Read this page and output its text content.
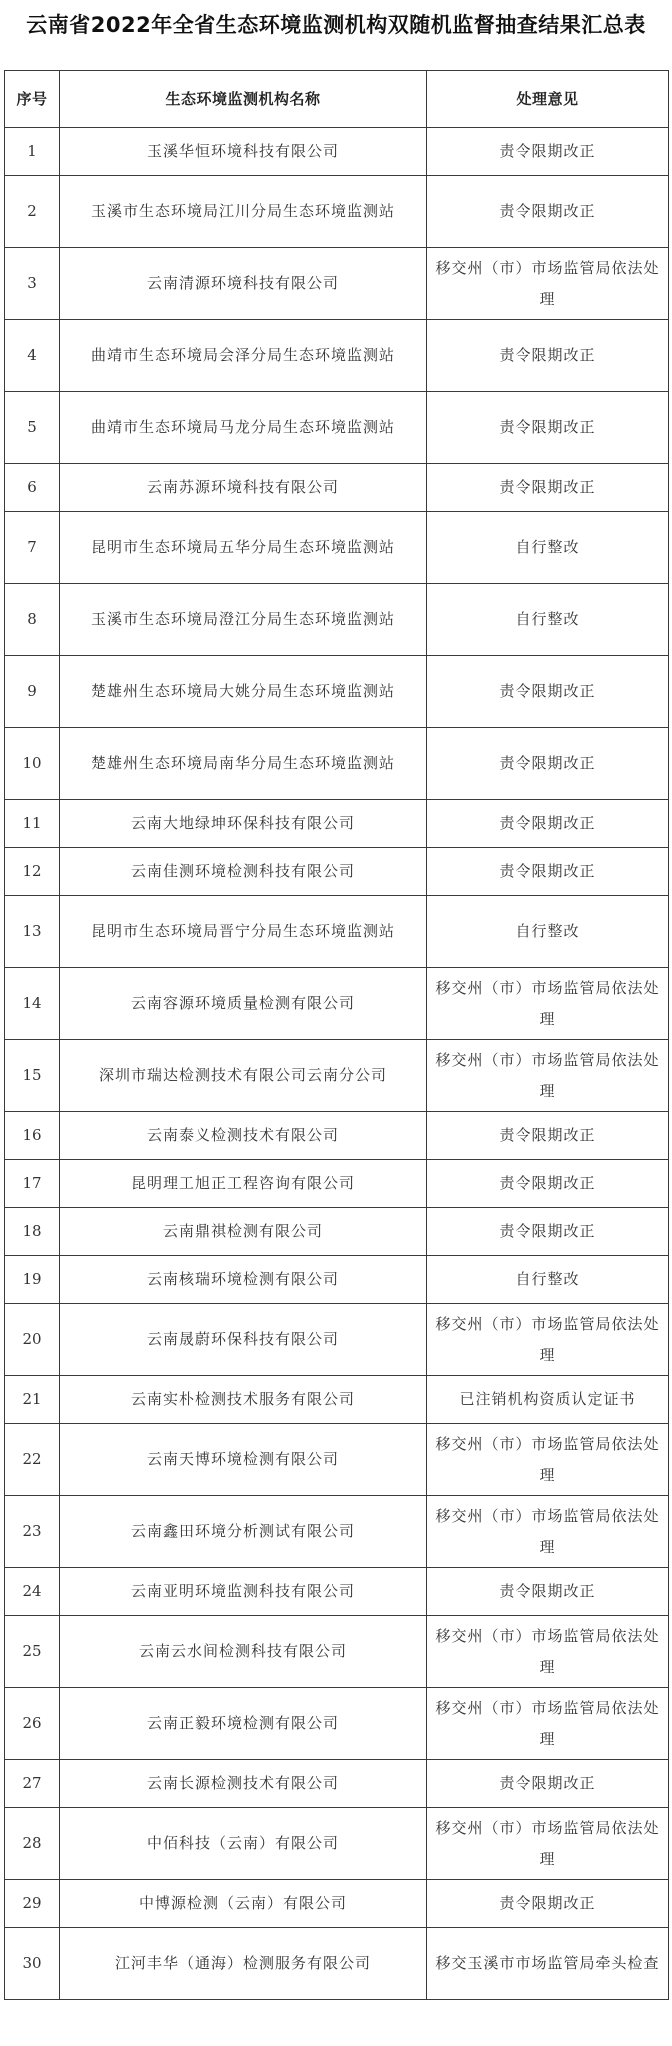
云南省2022年全省生态环境监测机构双随机监督抽查结果汇总表
序号	生态环境监测机构名称	处理意见
1	玉溪华恒环境科技有限公司	责令限期改正
2	玉溪市生态环境局江川分局生态环境监测站	责令限期改正
3	云南清源环境科技有限公司	移交州（市）市场监管局依法处理
4	曲靖市生态环境局会泽分局生态环境监测站	责令限期改正
5	曲靖市生态环境局马龙分局生态环境监测站	责令限期改正
6	云南苏源环境科技有限公司	责令限期改正
7	昆明市生态环境局五华分局生态环境监测站	自行整改
8	玉溪市生态环境局澄江分局生态环境监测站	自行整改
9	楚雄州生态环境局大姚分局生态环境监测站	责令限期改正
10	楚雄州生态环境局南华分局生态环境监测站	责令限期改正
11	云南大地绿坤环保科技有限公司	责令限期改正
12	云南佳测环境检测科技有限公司	责令限期改正
13	昆明市生态环境局晋宁分局生态环境监测站	自行整改
14	云南容源环境质量检测有限公司	移交州（市）市场监管局依法处理
15	深圳市瑞达检测技术有限公司云南分公司	移交州（市）市场监管局依法处理
16	云南泰义检测技术有限公司	责令限期改正
17	昆明理工旭正工程咨询有限公司	责令限期改正
18	云南鼎祺检测有限公司	责令限期改正
19	云南核瑞环境检测有限公司	自行整改
20	云南晟蔚环保科技有限公司	移交州（市）市场监管局依法处理
21	云南实朴检测技术服务有限公司	已注销机构资质认定证书
22	云南天博环境检测有限公司	移交州（市）市场监管局依法处理
23	云南鑫田环境分析测试有限公司	移交州（市）市场监管局依法处理
24	云南亚明环境监测科技有限公司	责令限期改正
25	云南云水间检测科技有限公司	移交州（市）市场监管局依法处理
26	云南正毅环境检测有限公司	移交州（市）市场监管局依法处理
27	云南长源检测技术有限公司	责令限期改正
28	中佰科技（云南）有限公司	移交州（市）市场监管局依法处理
29	中博源检测（云南）有限公司	责令限期改正
30	江河丰华（通海）检测服务有限公司	移交玉溪市市场监管局牵头检查
